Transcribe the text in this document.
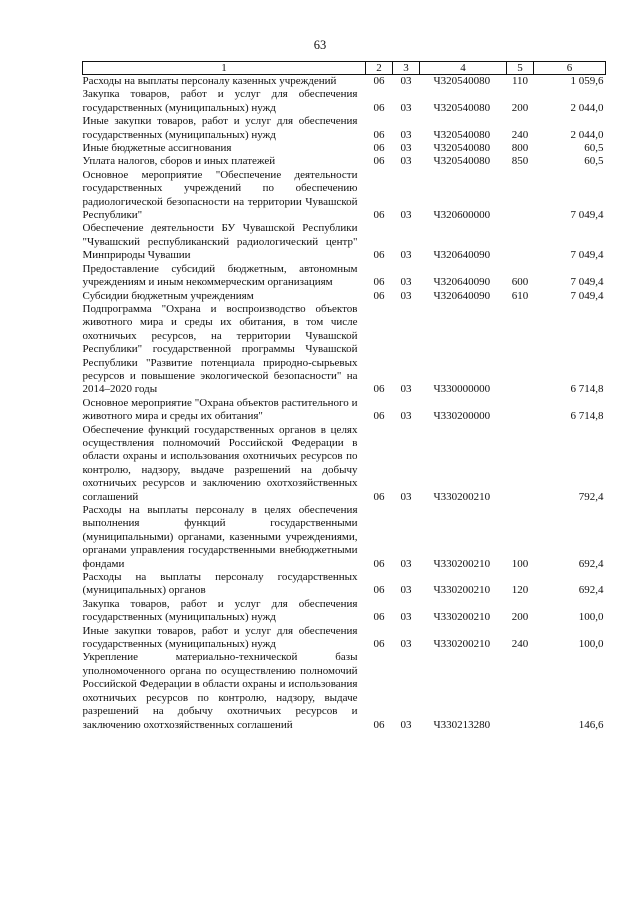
63
1	2	3	4	5	6
Расходы на выплаты персоналу казенных учреждений	06	03	Ч320540080	110	1 059,6
Закупка товаров, работ и услуг для обеспечения государственных (муниципальных) нужд	06	03	Ч320540080	200	2 044,0
Иные закупки товаров, работ и услуг для обеспечения государственных (муниципальных) нужд	06	03	Ч320540080	240	2 044,0
Иные бюджетные ассигнования	06	03	Ч320540080	800	60,5
Уплата налогов, сборов и иных платежей	06	03	Ч320540080	850	60,5
Основное мероприятие "Обеспечение деятельности государственных учреждений по обеспечению радиологической безопасности на территории Чувашской Республики"	06	03	Ч320600000		7 049,4
Обеспечение деятельности БУ Чувашской Республики "Чувашский республиканский радиологический центр" Минприроды Чувашии	06	03	Ч320640090		7 049,4
Предоставление субсидий бюджетным, автономным учреждениям и иным некоммерческим организациям	06	03	Ч320640090	600	7 049,4
Субсидии бюджетным учреждениям	06	03	Ч320640090	610	7 049,4
Подпрограмма "Охрана и воспроизводство объектов животного мира и среды их обитания, в том числе охотничьих ресурсов, на территории Чувашской Республики" государственной программы Чувашской Республики "Развитие потенциала природно-сырьевых ресурсов и повышение экологической безопасности" на 2014–2020 годы	06	03	Ч330000000		6 714,8
Основное мероприятие "Охрана объектов растительного и животного мира и среды их обитания"	06	03	Ч330200000		6 714,8
Обеспечение функций государственных органов в целях осуществления полномочий Российской Федерации в области охраны и использования охотничьих ресурсов по контролю, надзору, выдаче разрешений на добычу охотничьих ресурсов и заключению охотхозяйственных соглашений	06	03	Ч330200210		792,4
Расходы на выплаты персоналу в целях обеспечения выполнения функций государственными (муниципальными) органами, казенными учреждениями, органами управления государственными внебюджетными фондами	06	03	Ч330200210	100	692,4
Расходы на выплаты персоналу государственных (муниципальных) органов	06	03	Ч330200210	120	692,4
Закупка товаров, работ и услуг для обеспечения государственных (муниципальных) нужд	06	03	Ч330200210	200	100,0
Иные закупки товаров, работ и услуг для обеспечения государственных (муниципальных) нужд	06	03	Ч330200210	240	100,0
Укрепление материально-технической базы уполномоченного органа по осуществлению полномочий Российской Федерации в области охраны и использования охотничьих ресурсов по контролю, надзору, выдаче разрешений на добычу охотничьих ресурсов и заключению охотхозяйственных соглашений	06	03	Ч330213280		146,6
